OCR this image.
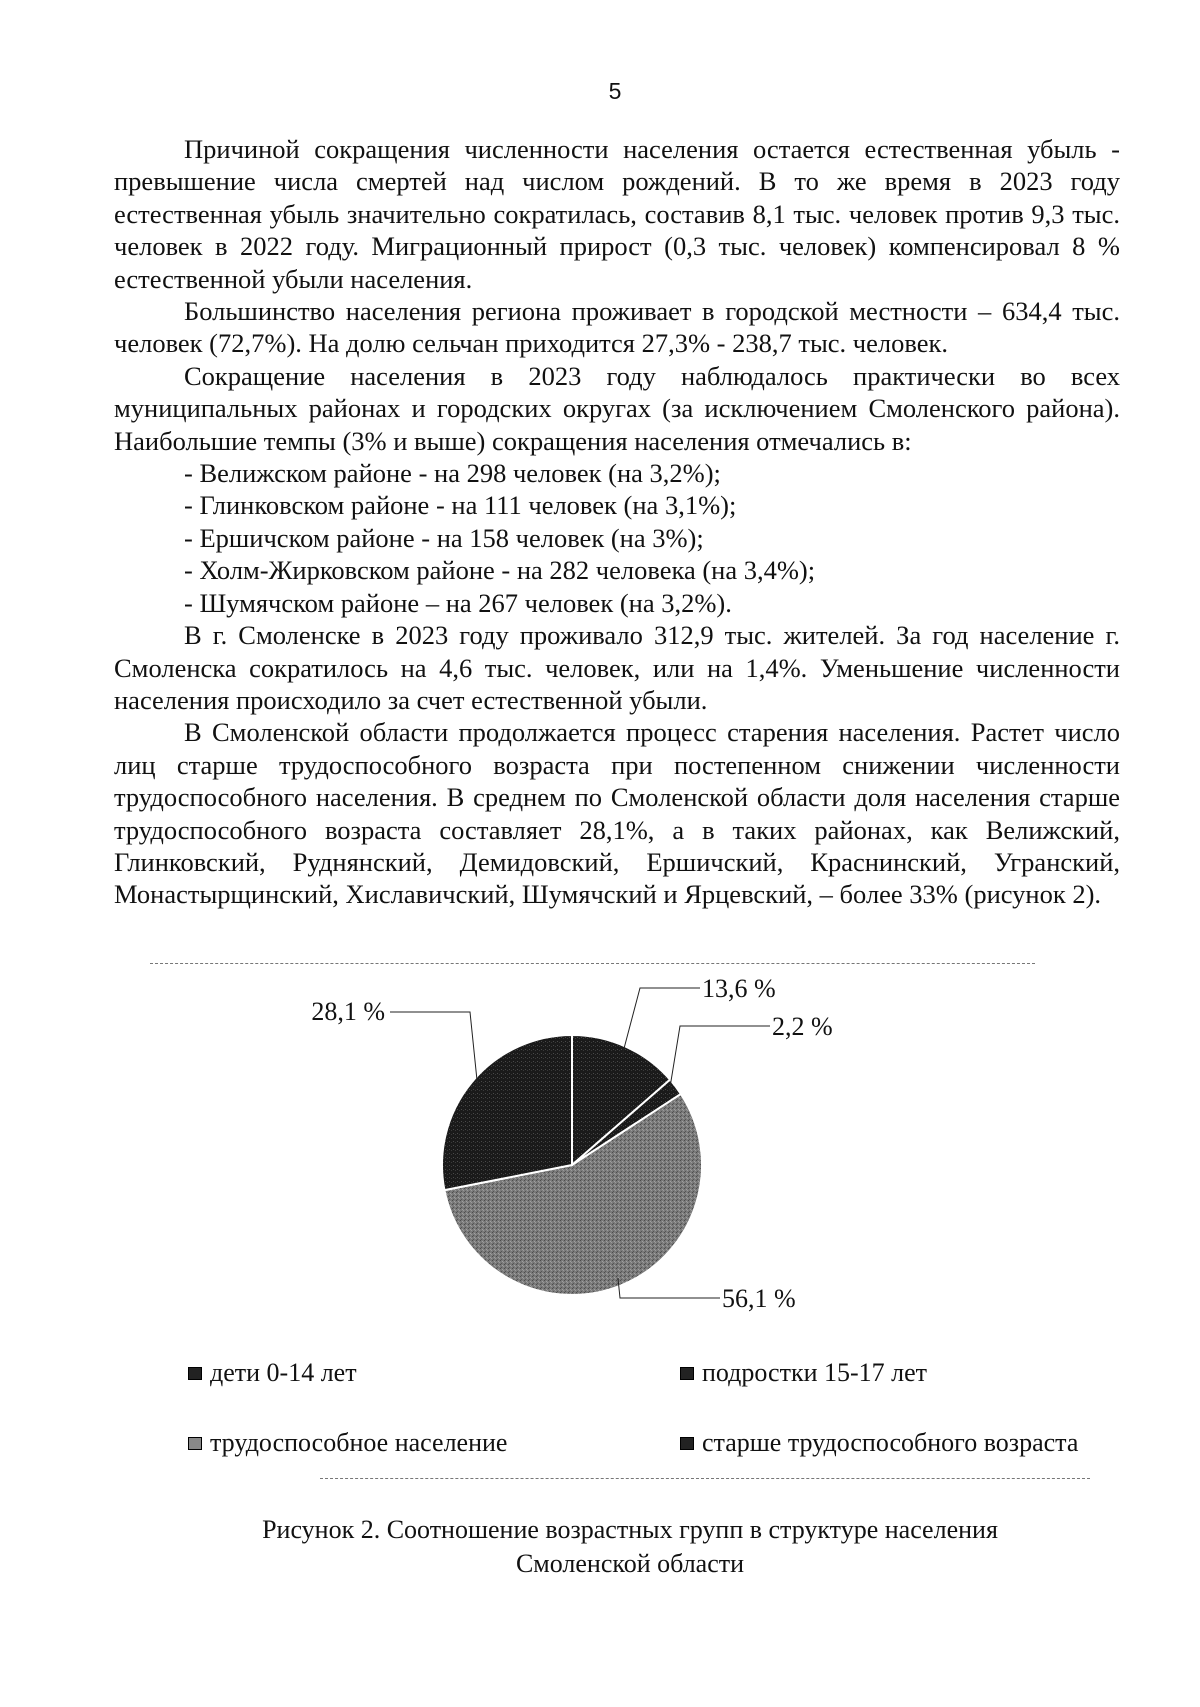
5

Причиной сокращения численности населения остается естественная убыль - превышение числа смертей над числом рождений. В то же время в 2023 году естественная убыль значительно сократилась, составив 8,1 тыс. человек против 9,3 тыс. человек в 2022 году. Миграционный прирост (0,3 тыс. человек) компенсировал 8 % естественной убыли населения.

Большинство населения региона проживает в городской местности – 634,4 тыс. человек (72,7%). На долю сельчан приходится 27,3% - 238,7 тыс. человек.

Сокращение населения в 2023 году наблюдалось практически во всех муниципальных районах и городских округах (за исключением Смоленского района). Наибольшие темпы (3% и выше) сокращения населения отмечались в:

- Велижском районе - на 298 человек (на 3,2%);

- Глинковском районе - на 111 человек (на 3,1%);

- Ершичском районе - на 158 человек (на 3%);

- Холм-Жирковском районе - на 282 человека (на 3,4%);

- Шумячском районе – на 267 человек (на 3,2%).

В г. Смоленске в 2023 году проживало 312,9 тыс. жителей. За год население г. Смоленска сократилось на 4,6 тыс. человек, или на 1,4%. Уменьшение численности населения происходило за счет естественной убыли.

В Смоленской области продолжается процесс старения населения. Растет число лиц старше трудоспособного возраста при постепенном снижении численности трудоспособного населения. В среднем по Смоленской области доля населения старше трудоспособного возраста составляет 28,1%, а в таких районах, как Велижский, Глинковский, Руднянский, Демидовский, Ершичский, Краснинский, Угранский, Монастырщинский, Хиславичский, Шумячский и Ярцевский, – более 33% (рисунок 2).

13,6 %
2,2 %
56,1 %
28,1 %
дети 0-14 лет	подростки 15-17 лет
трудоспособное население	старше трудоспособного возраста
Рисунок 2. Соотношение возрастных групп в структуре населения
Смоленской области
